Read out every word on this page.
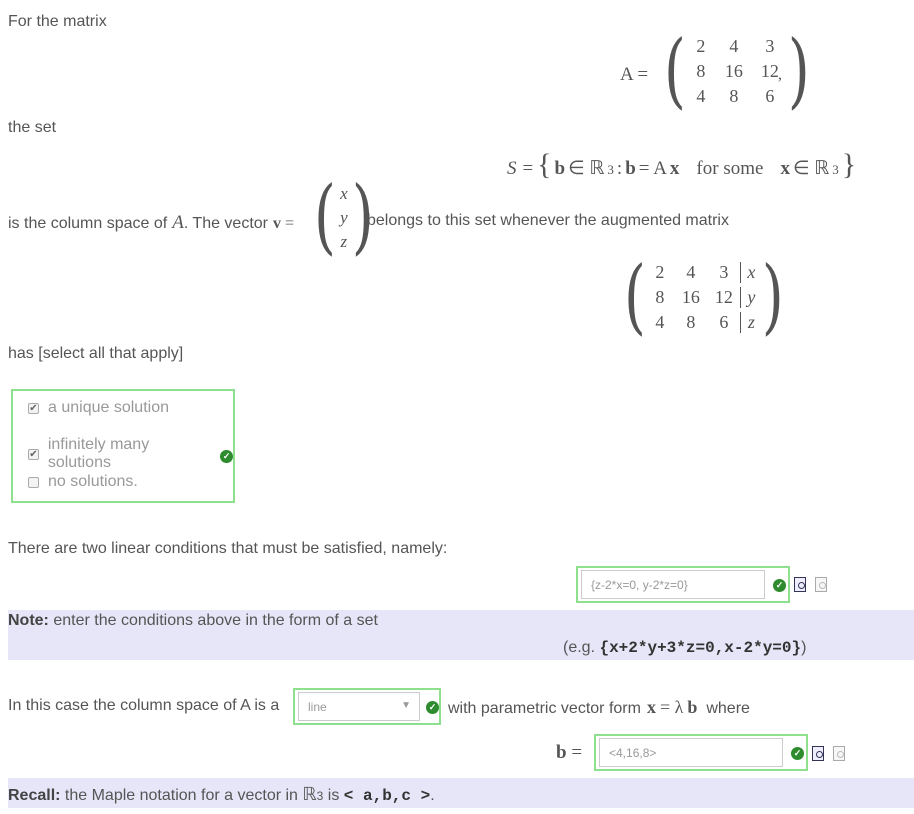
For the matrix
A = ( 2	4	3
8	16	12
4	8	6 )
,
the set
S = { b ∈ ℝ 3 : b = A x for some x ∈ ℝ 3 }
is the column space of A . The vector v = ( x
y
z )
belongs to this set whenever the augmented matrix
( 2	4	3	x
8 16 12 y
4	8	6	z )
has [select all that apply]
✔ a unique solution
✔
infinitely many solutions	✓
no solutions.
There are two linear conditions that must be satisfied, namely:
{z-2*x=0, y-2*z=0}	✓
Note: enter the conditions above in the form of a set
(e.g. {x+2*y+3*z=0,x-2*y=0})
In this case the column space of A is a line	▼	✓ with parametric vector form x = λ b where
b =	<4,16,8>	✓
Recall: the Maple notation for a vector in ℝ 3 is < a,b,c > .
